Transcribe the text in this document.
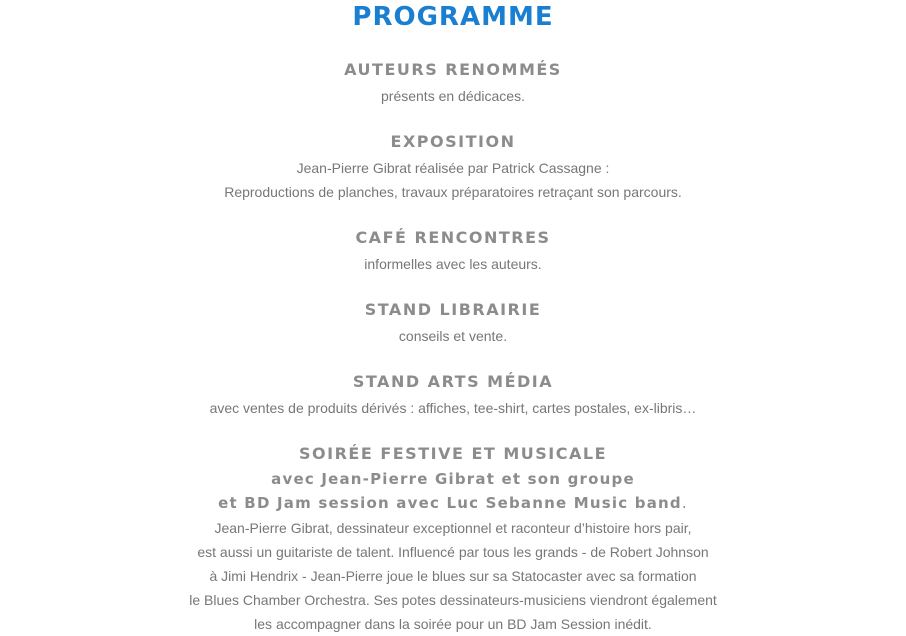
PROGRAMME
AUTEURS RENOMMÉS

présents en dédicaces.

EXPOSITION

Jean-Pierre Gibrat réalisée par Patrick Cassagne :

Reproductions de planches, travaux préparatoires retraçant son parcours.

CAFÉ RENCONTRES

informelles avec les auteurs.

STAND LIBRAIRIE

conseils et vente.

STAND ARTS MÉDIA

avec ventes de produits dérivés : affiches, tee-shirt, cartes postales, ex-libris…

SOIRÉE FESTIVE ET MUSICALE

avec Jean-Pierre Gibrat et son groupe

et BD Jam session avec Luc Sebanne Music band.

Jean-Pierre Gibrat, dessinateur exceptionnel et raconteur d’histoire hors pair,

est aussi un guitariste de talent. Influencé par tous les grands - de Robert Johnson

à Jimi Hendrix - Jean-Pierre joue le blues sur sa Statocaster avec sa formation

le Blues Chamber Orchestra. Ses potes dessinateurs-musiciens viendront également

les accompagner dans la soirée pour un BD Jam Session inédit.
